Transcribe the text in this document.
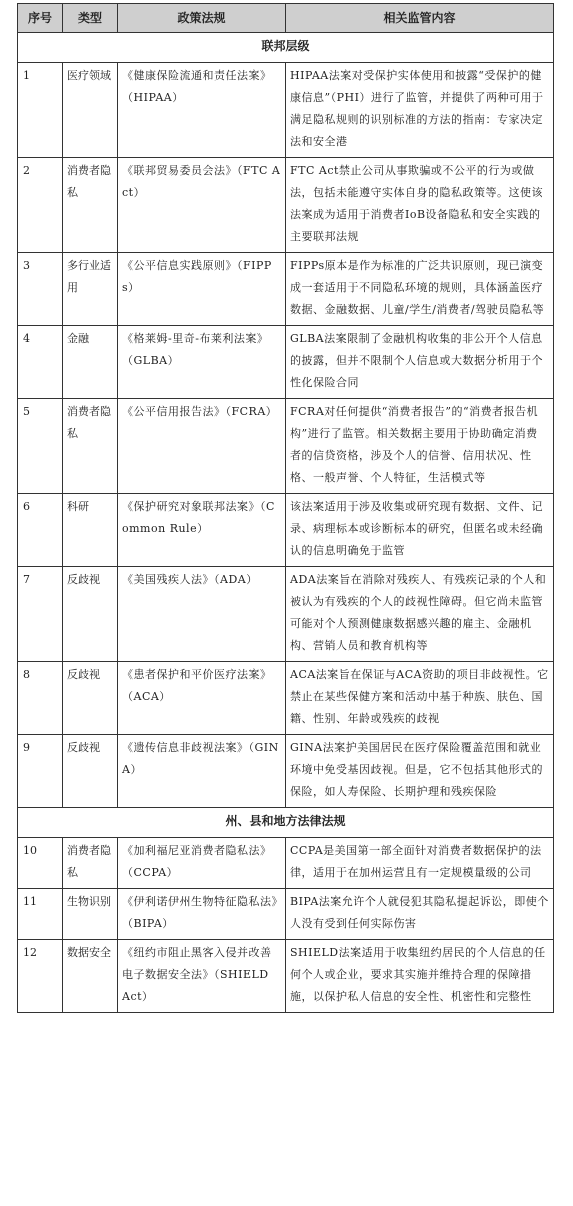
序号	类型	政策法规	相关监管内容
联邦层级			
1	医疗领域	《健康保险流通和责任法案》（HIPAA）	HIPAA法案对受保护实体使用和披露“受保护的健康信息”（PHI）进行了监管，并提供了两种可用于满足隐私规则的识别标准的方法的指南：专家决定法和安全港
2	消费者隐私	《联邦贸易委员会法》（FTC Act）	FTC Act禁止公司从事欺骗或不公平的行为或做法，包括未能遵守实体自身的隐私政策等。这使该法案成为适用于消费者IoB设备隐私和安全实践的主要联邦法规
3	多行业适用	《公平信息实践原则》（FIPPs）	FIPPs原本是作为标准的广泛共识原则，现已演变成一套适用于不同隐私环境的规则，具体涵盖医疗数据、金融数据、儿童/学生/消费者/驾驶员隐私等
4	金融	《格莱姆-里奇-布莱利法案》（GLBA）	GLBA法案限制了金融机构收集的非公开个人信息的披露，但并不限制个人信息或大数据分析用于个性化保险合同
5	消费者隐私	《公平信用报告法》（FCRA）	FCRA对任何提供“消费者报告”的“消费者报告机构”进行了监管。相关数据主要用于协助确定消费者的信贷资格，涉及个人的信誉、信用状况、性格、一般声誉、个人特征，生活模式等
6	科研	《保护研究对象联邦法案》（Common Rule）	该法案适用于涉及收集或研究现有数据、文件、记录、病理标本或诊断标本的研究，但匿名或未经确认的信息明确免于监管
7	反歧视	《美国残疾人法》（ADA）	ADA法案旨在消除对残疾人、有残疾记录的个人和被认为有残疾的个人的歧视性障碍。但它尚未监管可能对个人预测健康数据感兴趣的雇主、金融机构、营销人员和教育机构等
8	反歧视	《患者保护和平价医疗法案》（ACA）	ACA法案旨在保证与ACA资助的项目非歧视性。它禁止在某些保健方案和活动中基于种族、肤色、国籍、性别、年龄或残疾的歧视
9	反歧视	《遗传信息非歧视法案》（GINA）	GINA法案护美国居民在医疗保险覆盖范围和就业环境中免受基因歧视。但是，它不包括其他形式的保险，如人寿保险、长期护理和残疾保险
州、县和地方法律法规			
10	消费者隐私	《加利福尼亚消费者隐私法》（CCPA）	CCPA是美国第一部全面针对消费者数据保护的法律，适用于在加州运营且有一定规模量级的公司
11	生物识别	《伊利诺伊州生物特征隐私法》（BIPA）	BIPA法案允许个人就侵犯其隐私提起诉讼，即使个人没有受到任何实际伤害
12	数据安全	《纽约市阻止黑客入侵并改善电子数据安全法》（SHIELD Act）	SHIELD法案适用于收集纽约居民的个人信息的任何个人或企业，要求其实施并维持合理的保障措施，以保护私人信息的安全性、机密性和完整性
